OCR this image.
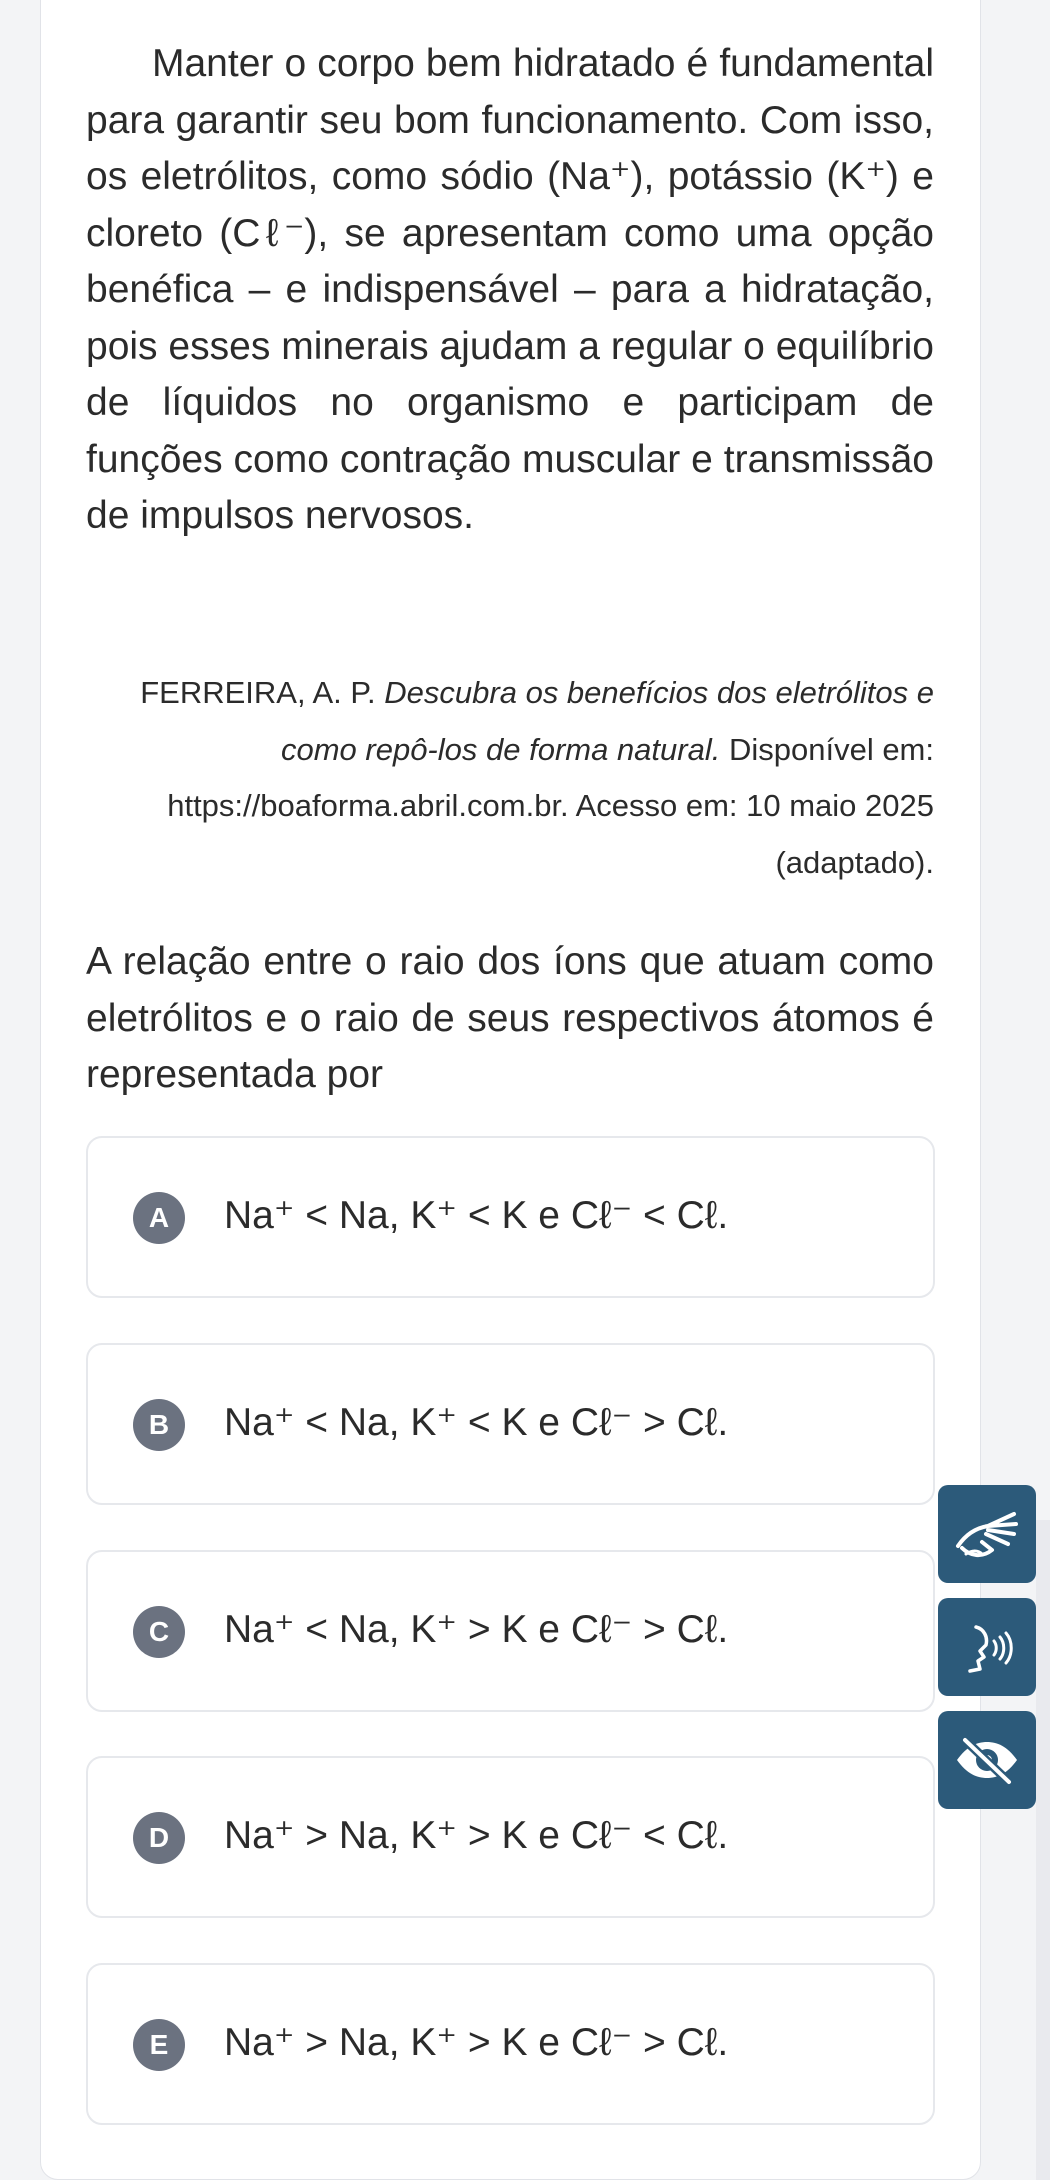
Manter o corpo bem hidratado é fundamental para garantir seu bom funcionamento. Com isso, os eletrólitos, como sódio (Na⁺), potássio (K⁺) e cloreto (Cℓ⁻), se apresentam como uma opção benéfica – e indispensável – para a hidratação, pois esses minerais ajudam a regular o equilíbrio de líquidos no organismo e participam de funções como contração muscular e transmissão de impulsos nervosos.

FERREIRA, A. P. Descubra os benefícios dos eletrólitos e como repô-los de forma natural. Disponível em: https://boaforma.abril.com.br. Acesso em: 10 maio 2025 (adaptado).

A relação entre o raio dos íons que atuam como eletrólitos e o raio de seus respectivos átomos é representada por

A	Na⁺ < Na, K⁺ < K e Cℓ⁻ < Cℓ.
B	Na⁺ < Na, K⁺ < K e Cℓ⁻ > Cℓ.
C	Na⁺ < Na, K⁺ > K e Cℓ⁻ > Cℓ.
D	Na⁺ > Na, K⁺ > K e Cℓ⁻ < Cℓ.
E	Na⁺ > Na, K⁺ > K e Cℓ⁻ > Cℓ.
